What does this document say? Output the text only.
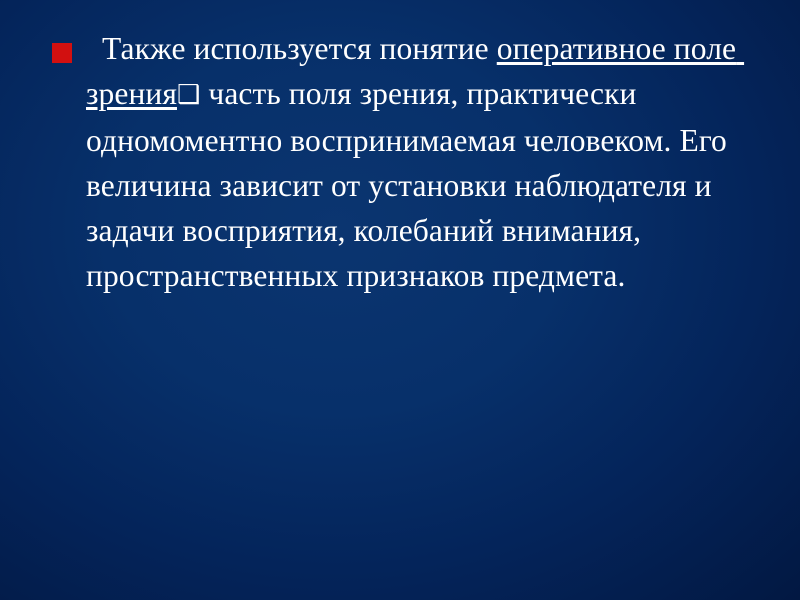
Также используется понятие оперативное поле зрения❑ часть поля зрения, практически одномоментно воспринимаемая человеком. Его величина зависит от установки наблюдателя и задачи восприятия, колебаний внимания, пространственных признаков предмета.
